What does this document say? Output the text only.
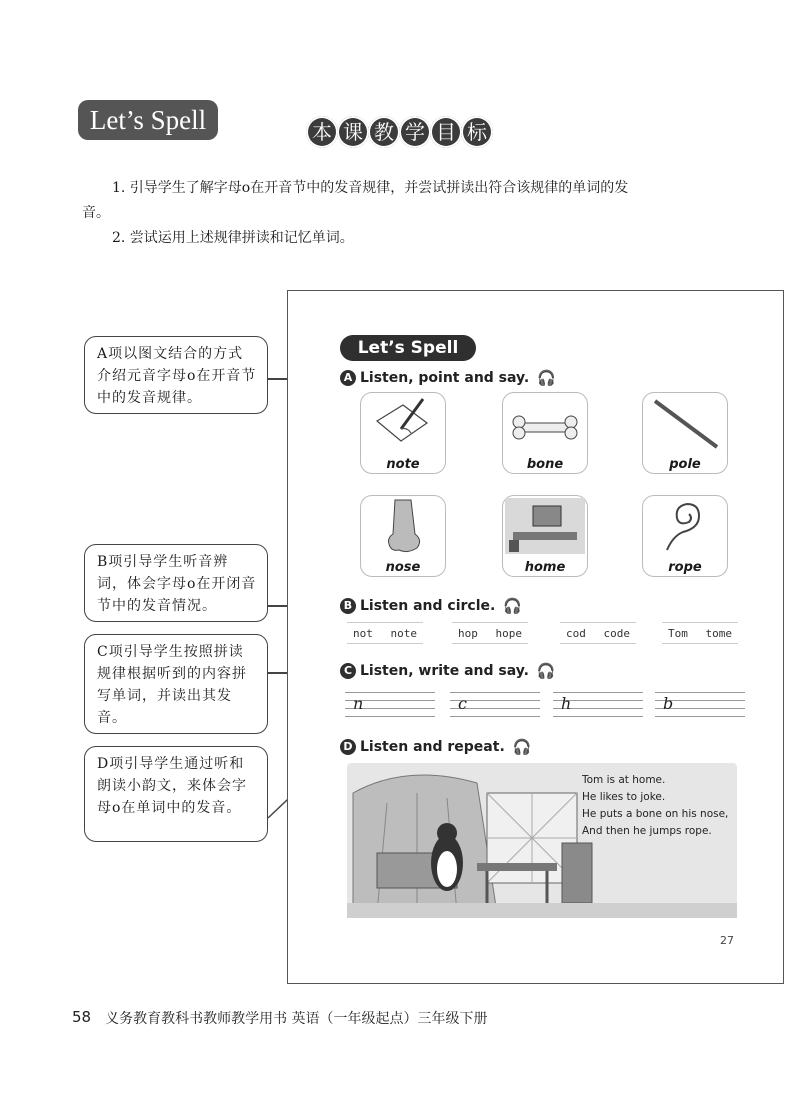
Let’s Spell	本 课 教 学 目 标

1. 引导学生了解字母o在开音节中的发音规律，并尝试拼读出符合该规律的单词的发

音。

2. 尝试运用上述规律拼读和记忆单词。

A项以图文结合的方式介绍元音字母o在开音节中的发音规律。
B项引导学生听音辨词，体会字母o在开闭音节中的发音情况。
C项引导学生按照拼读规律根据听到的内容拼写单词，并读出其发音。
D项引导学生通过听和朗读小韵文，来体会字母o在单词中的发音。
Let’s Spell
A Listen, point and say. 🎧
note	bone	pole
nose	home	rope
B Listen and circle. 🎧
not note	hop hope	cod code	Tom tome
C Listen, write and say. 🎧
n	c	h	b
D Listen and repeat. 🎧
Tom is at home.
He likes to joke.
He puts a bone on his nose,
And then he jumps rope.
27
58 义务教育教科书教师教学用书 英语（一年级起点）三年级下册
